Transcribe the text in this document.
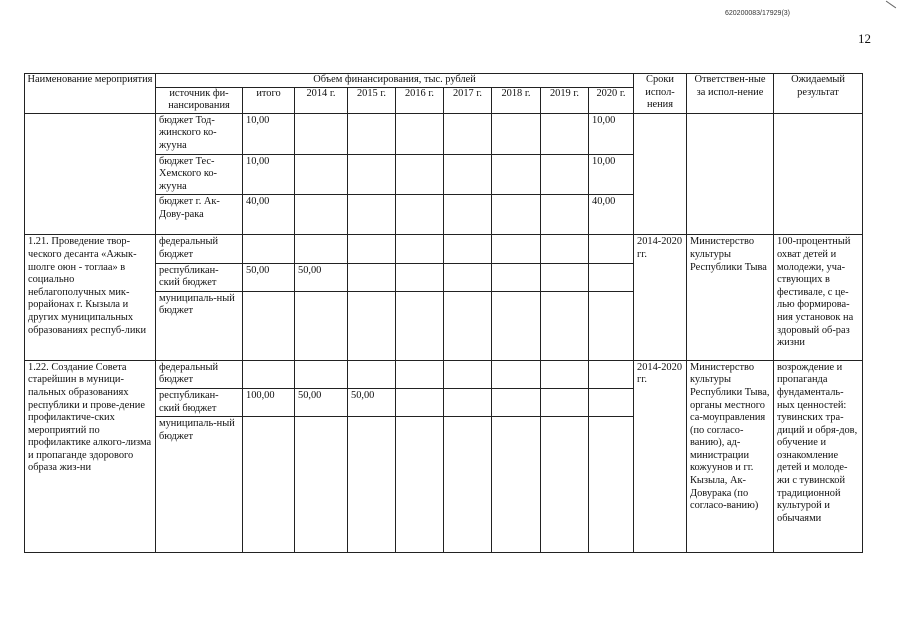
620200083/17929(3)
12
Наименование мероприятия	Объем финансирования, тыс. рублей									Сроки испол-нения	Ответствен-ные за испол-нение	Ожидаемый результат
	источник фи-нансирования	итого	2014 г.	2015 г.	2016 г.	2017 г.	2018 г.	2019 г.	2020 г.			
	бюджет Тод-жинского ко-жууна	10,00							10,00			
	бюджет Тес-Хемского ко-жууна	10,00							10,00			
	бюджет г. Ак-Дову-рака	40,00							40,00			
1.21. Проведение твор-ческого десанта «Ажык-шолге оюн - тоглаа» в социально неблагополучных мик-рорайонах г. Кызыла и других муниципальных образованиях респуб-лики	федеральный бюджет									2014-2020 гг.	Министерство культуры Республики Тыва	100-процентный охват детей и молодежи, уча-ствующих в фестивале, с це-лью формирова-ния установок на здоровый об-раз жизни
	республикан-ский бюджет	50,00	50,00									
	муниципаль-ный бюджет											
1.22. Создание Совета старейшин в муници-пальных образованиях республики и прове-дение профилактиче-ских мероприятий по профилактике алкого-лизма и пропаганде здорового образа жиз-ни	федеральный бюджет									2014-2020 гг.	Министерство культуры Республики Тыва, органы местного са-моуправления (по согласо-ванию), ад-министрации кожуунов и гг. Кызыла, Ак-Довурака (по согласо-ванию)	возрождение и пропаганда фундаменталь-ных ценностей: тувинских тра-диций и обря-дов, обучение и ознакомление детей и молоде-жи с тувинской традиционной культурой и обычаями
	республикан-ский бюджет	100,00	50,00	50,00								
	муниципаль-ный бюджет											
